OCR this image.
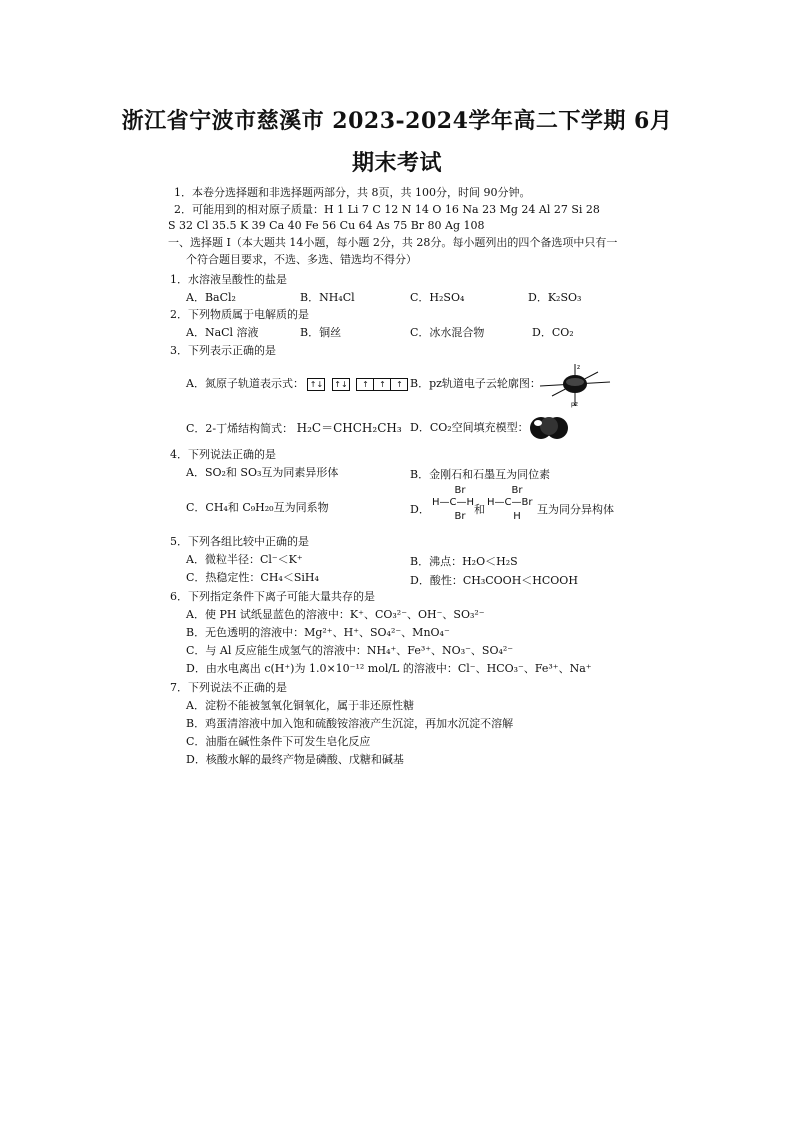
浙江省宁波市慈溪市 2023-2024学年高二下学期 6月
期末考试
1．本卷分选择题和非选择题两部分，共 8页，共 100分，时间 90分钟。
2．可能用到的相对原子质量：H 1 Li 7 C 12 N 14 O 16 Na 23 Mg 24 Al 27 Si 28
S 32 Cl 35.5 K 39 Ca 40 Fe 56 Cu 64 As 75 Br 80 Ag 108
一、选择题 I（本大题共 14小题，每小题 2分，共 28分。每小题列出的四个备选项中只有一
个符合题目要求，不选、多选、错选均不得分）
1．水溶液呈酸性的盐是
A．BaCl₂	B．NH₄Cl	C．H₂SO₄	D．K₂SO₃
2．下列物质属于电解质的是
A．NaCl 溶液	B．铜丝	C．冰水混合物	D．CO₂
3．下列表示正确的是
A．氮原子轨道表示式： ↑↓ ↑↓	↑	↑	↑ B．pz轨道电子云轮廓图：
z
pz
C．2-丁烯结构简式： H₂C＝CHCH₂CH₃ D．CO₂空间填充模型：
4．下列说法正确的是
A．SO₂和 SO₃互为同素异形体	B．金刚石和石墨互为同位素
C．CH₄和 C₉H₂₀互为同系物	D．
Br
H—C—H
Br
和
Br
H—C—Br
H
互为同分异构体
5．下列各组比较中正确的是
A．微粒半径：Cl⁻＜K⁺	B．沸点：H₂O＜H₂S
C．热稳定性：CH₄＜SiH₄	D．酸性：CH₃COOH＜HCOOH
6．下列指定条件下离子可能大量共存的是
A．使 PH 试纸显蓝色的溶液中：K⁺、CO₃²⁻、OH⁻、SO₃²⁻
B．无色透明的溶液中：Mg²⁺、H⁺、SO₄²⁻、MnO₄⁻
C．与 Al 反应能生成氢气的溶液中：NH₄⁺、Fe³⁺、NO₃⁻、SO₄²⁻
D．由水电离出 c(H⁺)为 1.0×10⁻¹² mol/L 的溶液中：Cl⁻、HCO₃⁻、Fe³⁺、Na⁺
7．下列说法不正确的是
A．淀粉不能被氢氧化铜氧化，属于非还原性糖
B．鸡蛋清溶液中加入饱和硫酸铵溶液产生沉淀，再加水沉淀不溶解
C．油脂在碱性条件下可发生皂化反应
D．核酸水解的最终产物是磷酸、戊糖和碱基
